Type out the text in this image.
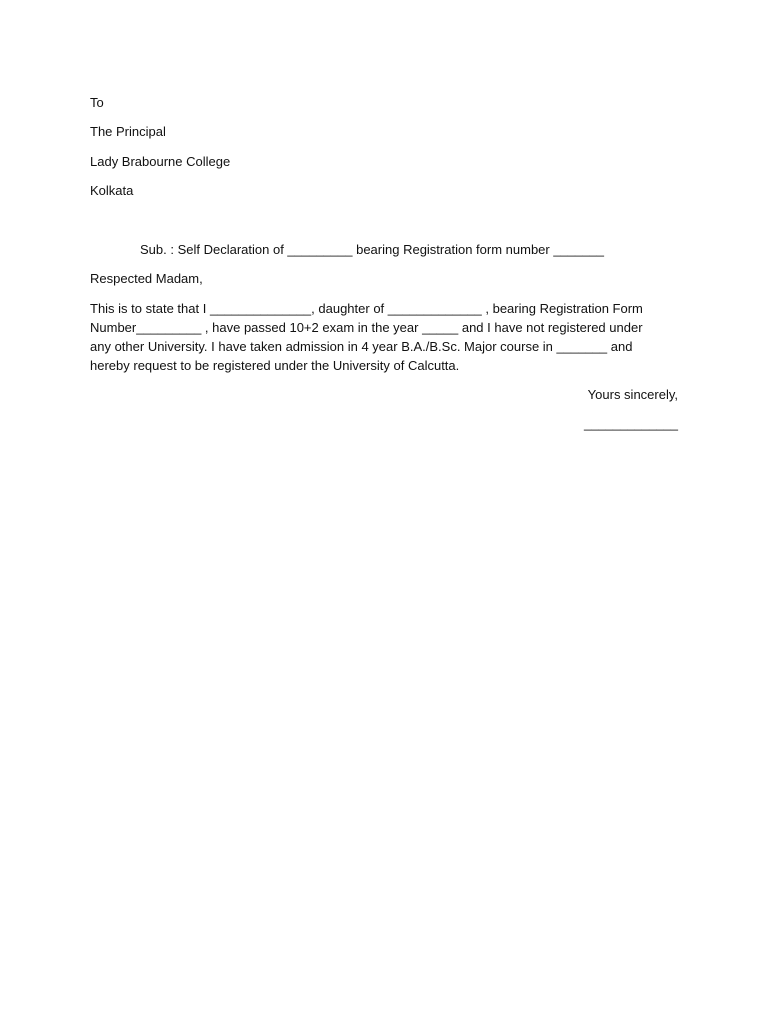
To
The Principal
Lady Brabourne College
Kolkata
Sub. : Self Declaration of _________ bearing Registration form number _______
Respected Madam,
This is to state that I ______________, daughter of _____________ , bearing Registration Form
Number_________ , have passed 10+2 exam in the year _____ and I have not registered under
any other University. I have taken admission in 4 year B.A./B.Sc. Major course in _______ and
hereby request to be registered under the University of Calcutta.
Yours sincerely,
_____________
